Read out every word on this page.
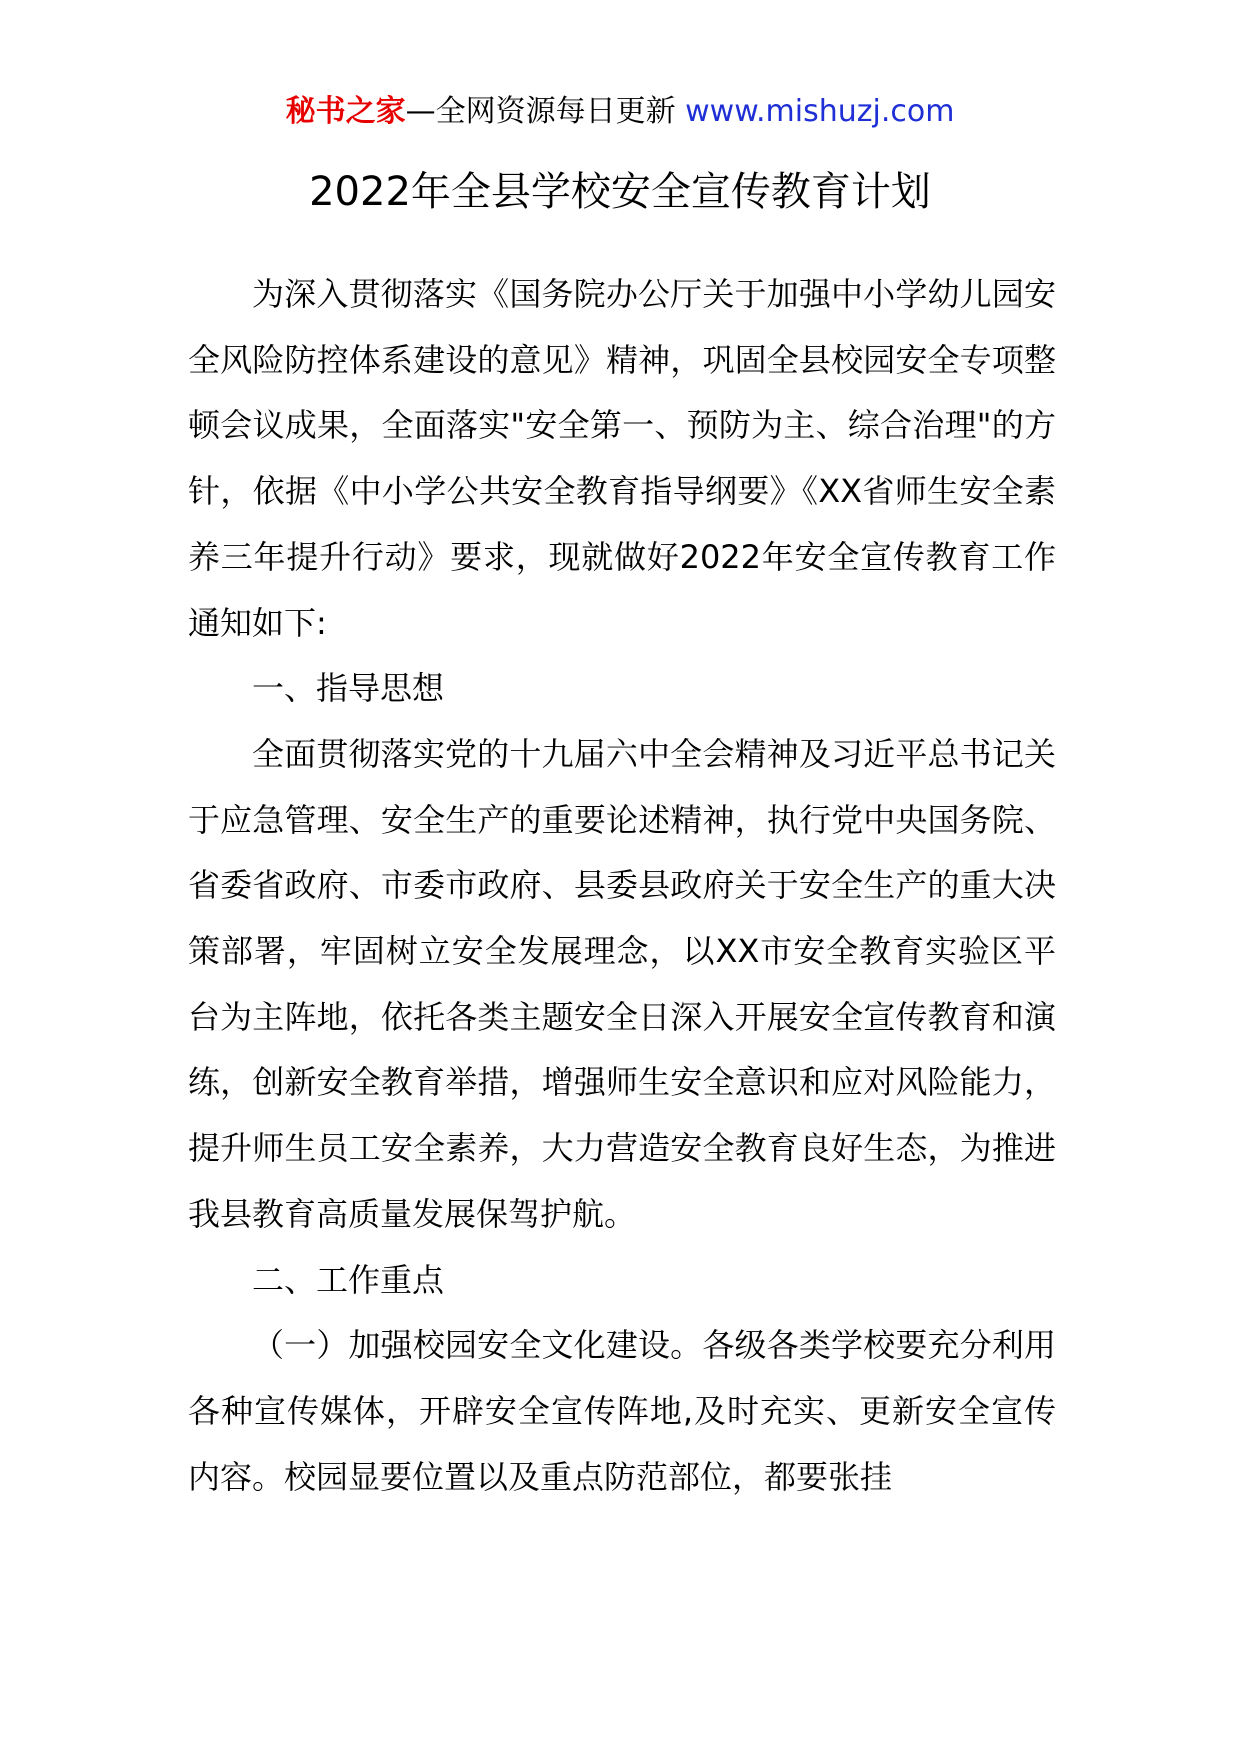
秘书之家—全网资源每日更新 www.mishuzj.com
2022年全县学校安全宣传教育计划

为深入贯彻落实《国务院办公厅关于加强中小学幼儿园安全风险防控体系建设的意见》精神，巩固全县校园安全专项整顿会议成果，全面落实"安全第一、预防为主、综合治理"的方针，依据《中小学公共安全教育指导纲要》《XX省师生安全素养三年提升行动》要求，现就做好2022年安全宣传教育工作通知如下:

一、指导思想

全面贯彻落实党的十九届六中全会精神及习近平总书记关于应急管理、安全生产的重要论述精神，执行党中央国务院、省委省政府、市委市政府、县委县政府关于安全生产的重大决策部署，牢固树立安全发展理念，以XX市安全教育实验区平台为主阵地，依托各类主题安全日深入开展安全宣传教育和演练，创新安全教育举措，增强师生安全意识和应对风险能力，提升师生员工安全素养，大力营造安全教育良好生态，为推进我县教育高质量发展保驾护航。

二、工作重点

（一）加强校园安全文化建设。各级各类学校要充分利用各种宣传媒体，开辟安全宣传阵地,及时充实、更新安全宣传内容。校园显要位置以及重点防范部位，都要张挂
